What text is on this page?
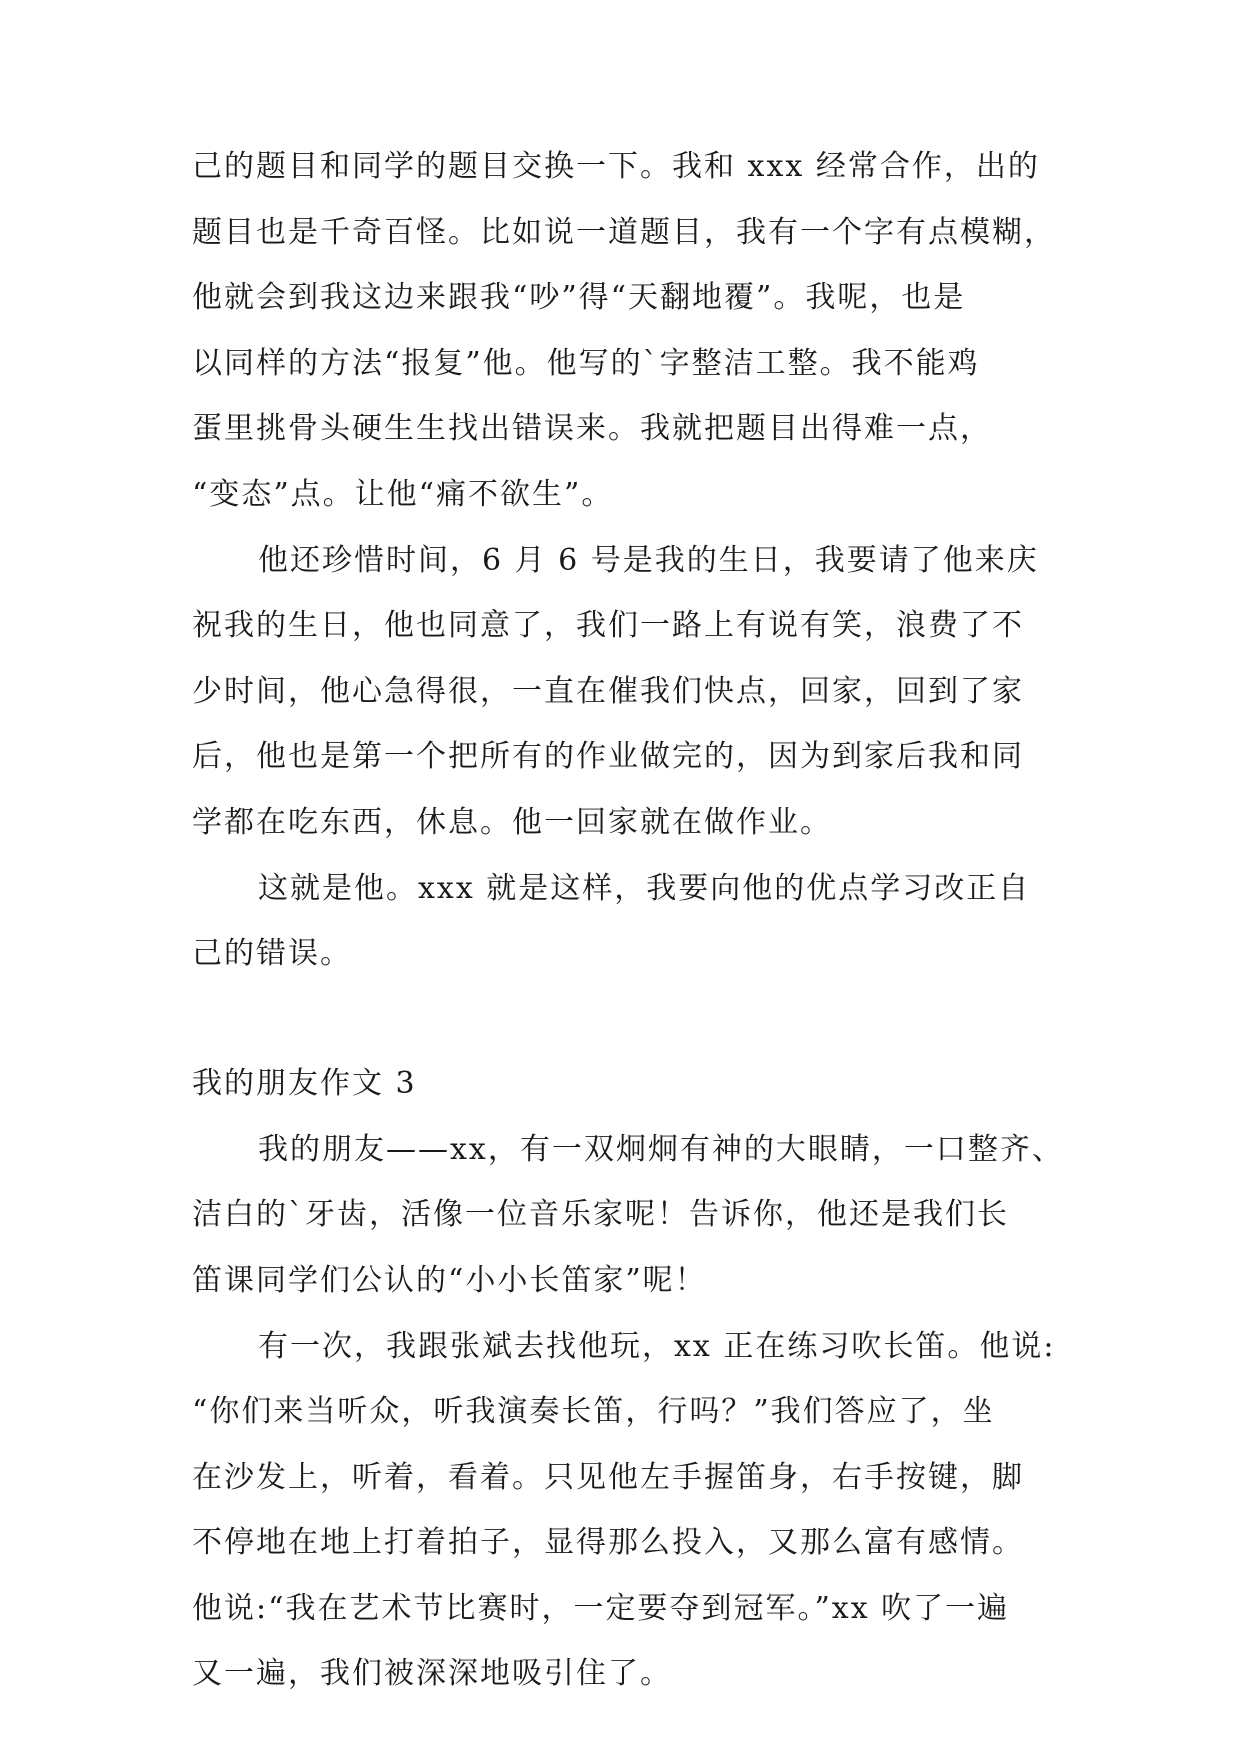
己的题目和同学的题目交换一下。我和 xxx 经常合作，出的
题目也是千奇百怪。比如说一道题目，我有一个字有点模糊，
他就会到我这边来跟我“吵”得“天翻地覆”。我呢，也是
以同样的方法“报复”他。他写的`字整洁工整。我不能鸡
蛋里挑骨头硬生生找出错误来。我就把题目出得难一点，
“变态”点。让他“痛不欲生”。
他还珍惜时间，6 月 6 号是我的生日，我要请了他来庆
祝我的生日，他也同意了，我们一路上有说有笑，浪费了不
少时间，他心急得很，一直在催我们快点，回家，回到了家
后，他也是第一个把所有的作业做完的，因为到家后我和同
学都在吃东西，休息。他一回家就在做作业。
这就是他。xxx 就是这样，我要向他的优点学习改正自
己的错误。
我的朋友作文 3
我的朋友——xx，有一双炯炯有神的大眼睛，一口整齐、
洁白的`牙齿，活像一位音乐家呢！告诉你，他还是我们长
笛课同学们公认的“小小长笛家”呢！
有一次，我跟张斌去找他玩，xx 正在练习吹长笛。他说:
“你们来当听众，听我演奏长笛，行吗？”我们答应了，坐
在沙发上，听着，看着。只见他左手握笛身，右手按键，脚
不停地在地上打着拍子，显得那么投入，又那么富有感情。
他说:“我在艺术节比赛时，一定要夺到冠军。”xx 吹了一遍
又一遍，我们被深深地吸引住了。
